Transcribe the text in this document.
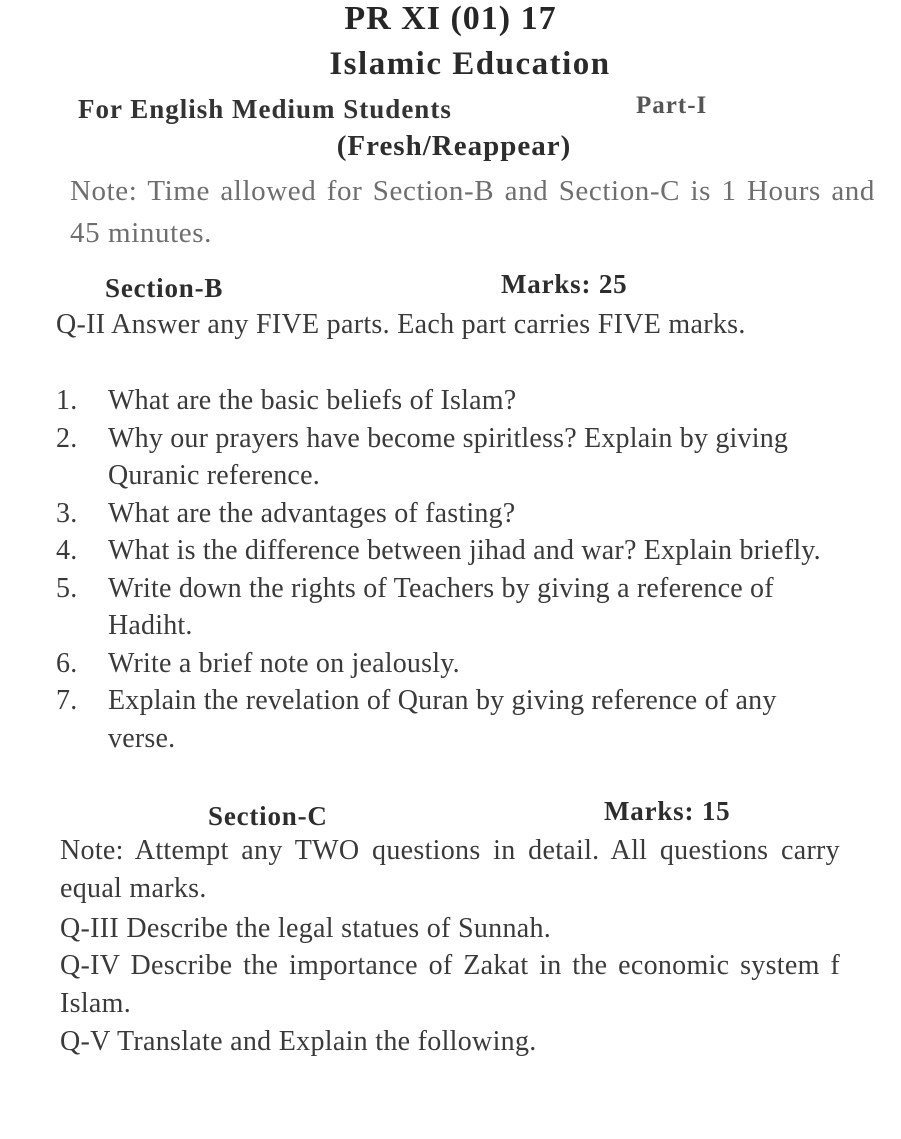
PR XI (01) 17
Islamic Education
For English Medium Students	Part-I
(Fresh/Reappear)
Note: Time allowed for Section-B and Section-C is 1 Hours and 45 minutes.
Section-B	Marks: 25
Q-II Answer any FIVE parts. Each part carries FIVE marks.
1.	What are the basic beliefs of Islam?
2.	Why our prayers have become spiritless? Explain by giving Quranic reference.
3.	What are the advantages of fasting?
4.	What is the difference between jihad and war? Explain briefly.
5.	Write down the rights of Teachers by giving a reference of Hadiht.
6.	Write a brief note on jealously.
7.	Explain the revelation of Quran by giving reference of any verse.
Section-C	Marks: 15
Note: Attempt any TWO questions in detail. All questions carry equal marks.
Q-III Describe the legal statues of Sunnah.
Q-IV Describe the importance of Zakat in the economic system f Islam.
Q-V Translate and Explain the following.
